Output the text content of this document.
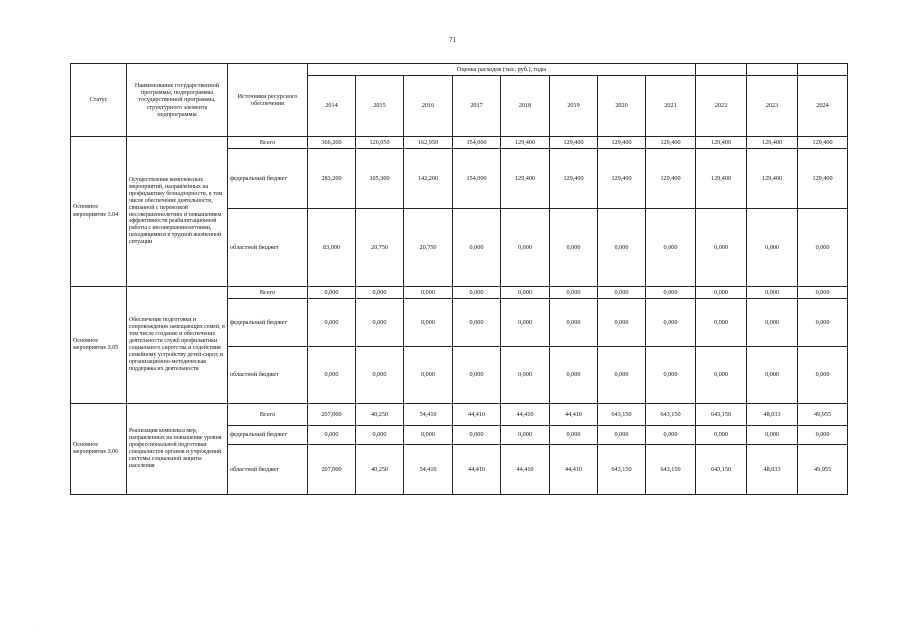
71
Статус	Наименование государственной программы, подпрограммы государственной программы, структурного элемента подпрограммы	Источники ресурсного обеспечения	Оценка расходов (тыс. руб.), годы										
			2014	2015	2016	2017	2018	2019	2020	2021	2022	2023	2024
Основное мероприятие 3.04	Осуществление комплексных мероприятий, направленных на профилактику безнадзорности, в том числе обеспечение деятельности, связанной с перевозкой несовершеннолетних и повышением эффективности реабилитационной работы с несовершеннолетними, находящимися в трудной жизненной ситуации	Всего	366,200	126,050	162,950	154,000	129,400	129,400	129,400	129,400	129,400	129,400	129,400
		федеральный бюджет	283,200	105,300	142,200	154,000	129,400	129,400	129,400	129,400	129,400	129,400	129,400
		областной бюджет	83,000	20,750	20,750	0,000	0,000	0,000	0,000	0,000	0,000	0,000	0,000
Основное мероприятие 3.05	Обеспечение подготовки и сопровождения замещающих семей, в том числе создание и обеспечение деятельности служб профилактики социального сиротства и содействия семейному устройству детей-сирот, и организационно-методическая поддержка их деятельности	Всего	0,000	0,000	0,000	0,000	0,000	0,000	0,000	0,000	0,000	0,000	0,000
		федеральный бюджет	0,000	0,000	0,000	0,000	0,000	0,000	0,000	0,000	0,000	0,000	0,000
		областной бюджет	0,000	0,000	0,000	0,000	0,000	0,000	0,000	0,000	0,000	0,000	0,000
Основное мероприятие 3.06	Реализация комплекса мер, направленных на повышение уровня профессиональной подготовки специалистов органов и учреждений системы социальной защиты населения	Всего	207,000	40,250	54,410	44,410	44,410	44,410	643,150	643,150	643,150	48,033	49,955
		федеральный бюджет	0,000	0,000	0,000	0,000	0,000	0,000	0,000	0,000	0,000	0,000	0,000
		областной бюджет	207,000	40,250	54,410	44,410	44,410	44,410	643,150	643,150	643,150	48,033	49,955
..
